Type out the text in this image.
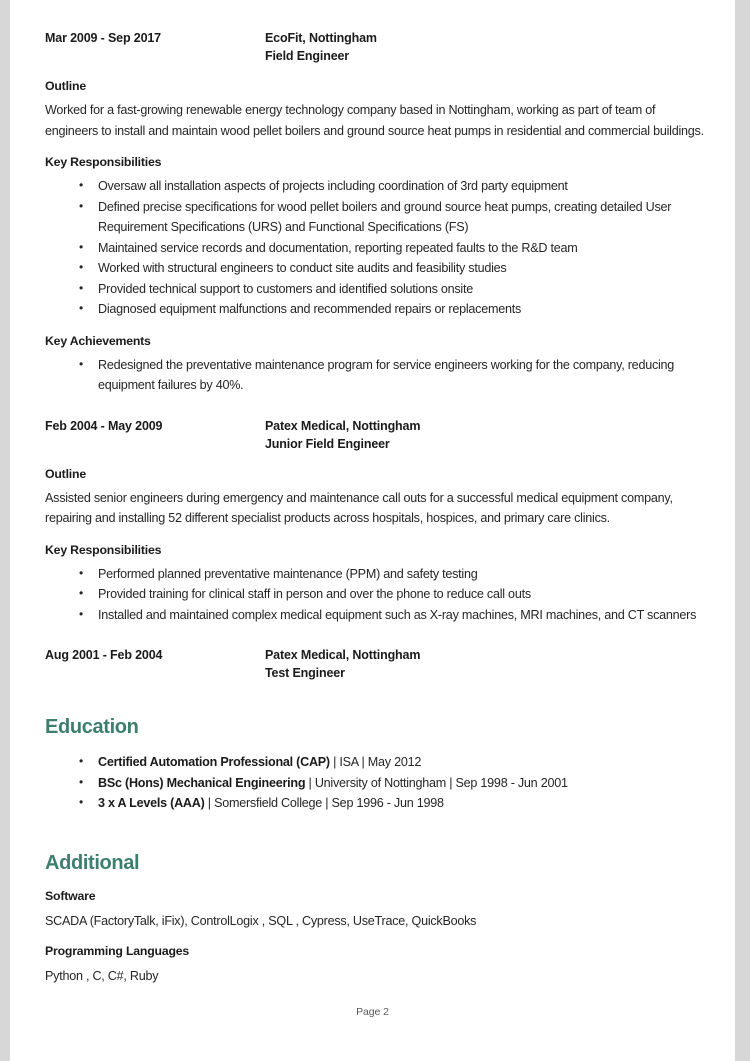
Mar 2009 - Sep 2017	EcoFit, Nottingham
Field Engineer
Outline

Worked for a fast-growing renewable energy technology company based in Nottingham, working as part of team of engineers to install and maintain wood pellet boilers and ground source heat pumps in residential and commercial buildings.

Key Responsibilities
• Oversaw all installation aspects of projects including coordination of 3rd party equipment
• Defined precise specifications for wood pellet boilers and ground source heat pumps, creating detailed User Requirement Specifications (URS) and Functional Specifications (FS)
• Maintained service records and documentation, reporting repeated faults to the R&D team
• Worked with structural engineers to conduct site audits and feasibility studies
• Provided technical support to customers and identified solutions onsite
• Diagnosed equipment malfunctions and recommended repairs or replacements
Key Achievements
• Redesigned the preventative maintenance program for service engineers working for the company, reducing equipment failures by 40%.
Feb 2004 - May 2009	Patex Medical, Nottingham
Junior Field Engineer
Outline

Assisted senior engineers during emergency and maintenance call outs for a successful medical equipment company, repairing and installing 52 different specialist products across hospitals, hospices, and primary care clinics.

Key Responsibilities
• Performed planned preventative maintenance (PPM) and safety testing
• Provided training for clinical staff in person and over the phone to reduce call outs
• Installed and maintained complex medical equipment such as X-ray machines, MRI machines, and CT scanners
Aug 2001 - Feb 2004	Patex Medical, Nottingham
Test Engineer
Education
• Certified Automation Professional (CAP) | ISA | May 2012
• BSc (Hons) Mechanical Engineering | University of Nottingham | Sep 1998 - Jun 2001
• 3 x A Levels (AAA) | Somersfield College | Sep 1996 - Jun 1998
Additional
Software

SCADA (FactoryTalk, iFix), ControlLogix , SQL , Cypress, UseTrace, QuickBooks

Programming Languages

Python , C, C#, Ruby

Page 2
